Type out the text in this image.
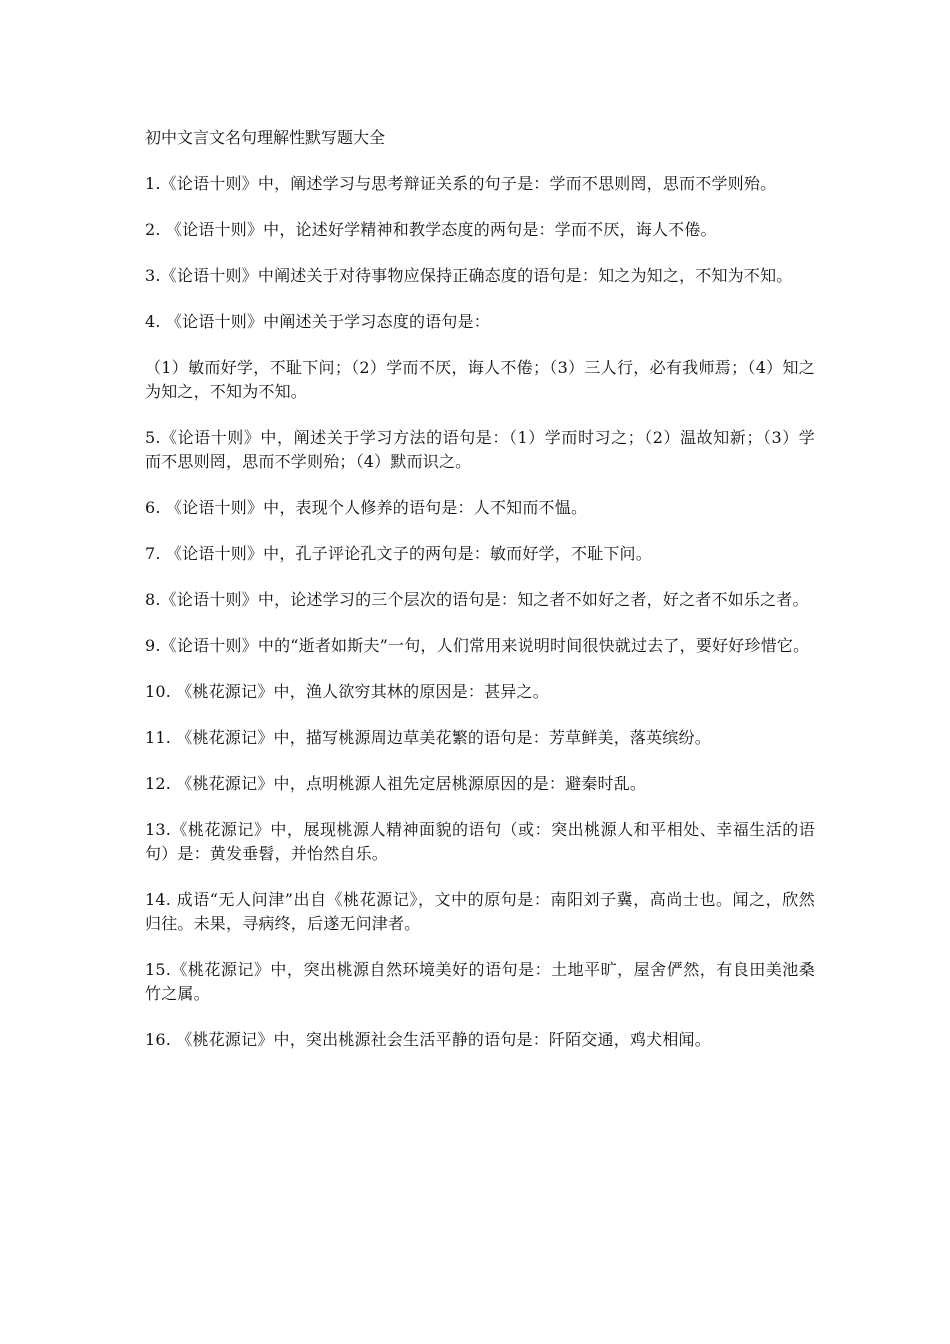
初中文言文名句理解性默写题大全

1.《论语十则》中，阐述学习与思考辩证关系的句子是：学而不思则罔，思而不学则殆。

2. 《论语十则》中，论述好学精神和教学态度的两句是：学而不厌，诲人不倦。

3.《论语十则》中阐述关于对待事物应保持正确态度的语句是：知之为知之，不知为不知。

4. 《论语十则》中阐述关于学习态度的语句是：

（1）敏而好学，不耻下问；（2）学而不厌，诲人不倦；（3）三人行，必有我师焉；（4）知之为知之，不知为不知。

5.《论语十则》中，阐述关于学习方法的语句是：（1）学而时习之；（2）温故知新；（3）学而不思则罔，思而不学则殆；（4）默而识之。

6. 《论语十则》中，表现个人修养的语句是：人不知而不愠。

7. 《论语十则》中，孔子评论孔文子的两句是：敏而好学，不耻下问。

8.《论语十则》中，论述学习的三个层次的语句是：知之者不如好之者，好之者不如乐之者。

9.《论语十则》中的“逝者如斯夫”一句，人们常用来说明时间很快就过去了，要好好珍惜它。

10. 《桃花源记》中，渔人欲穷其林的原因是：甚异之。

11. 《桃花源记》中，描写桃源周边草美花繁的语句是：芳草鲜美，落英缤纷。

12. 《桃花源记》中，点明桃源人祖先定居桃源原因的是：避秦时乱。

13.《桃花源记》中，展现桃源人精神面貌的语句（或：突出桃源人和平相处、幸福生活的语句）是：黄发垂髫，并怡然自乐。

14. 成语“无人问津”出自《桃花源记》，文中的原句是：南阳刘子冀，高尚士也。闻之，欣然归往。未果，寻病终，后遂无问津者。

15.《桃花源记》中，突出桃源自然环境美好的语句是：土地平旷，屋舍俨然，有良田美池桑竹之属。

16. 《桃花源记》中，突出桃源社会生活平静的语句是：阡陌交通，鸡犬相闻。
